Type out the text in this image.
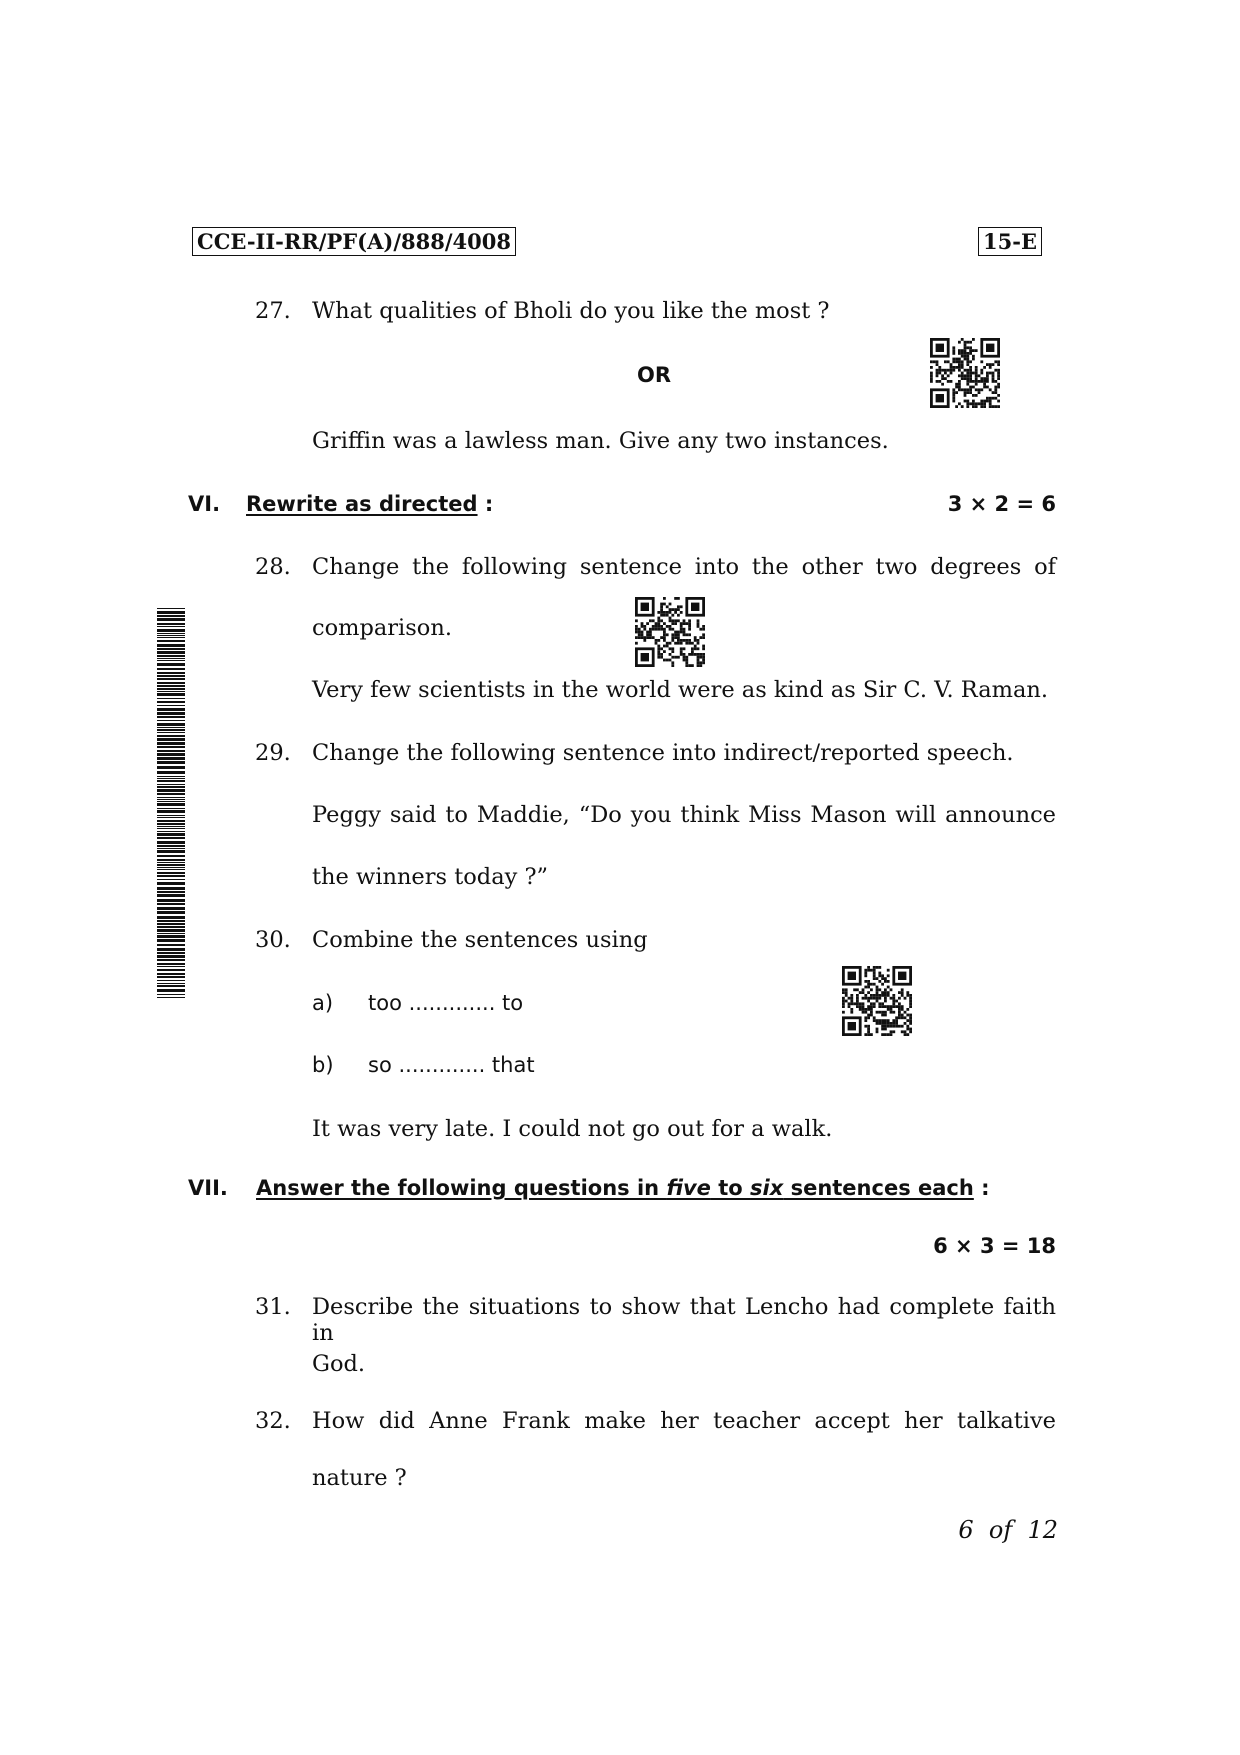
CCE-II-RR/PF(A)/888/4008	15-E
27. What qualities of Bholi do you like the most ?
OR
Griffin was a lawless man. Give any two instances.
VI. Rewrite as directed :	3 × 2 = 6
28. Change the following sentence into the other two degrees of
comparison.
Very few scientists in the world were as kind as Sir C. V. Raman.
29. Change the following sentence into indirect/reported speech.
Peggy said to Maddie, “Do you think Miss Mason will announce
the winners today ?”
30. Combine the sentences using
a) too ............. to
b) so ............. that
It was very late. I could not go out for a walk.
VII. Answer the following questions in five to six sentences each :
6 × 3 = 18
31. Describe the situations to show that Lencho had complete faith in
God.
32. How did Anne Frank make her teacher accept her talkative
nature ?
6  of  12
